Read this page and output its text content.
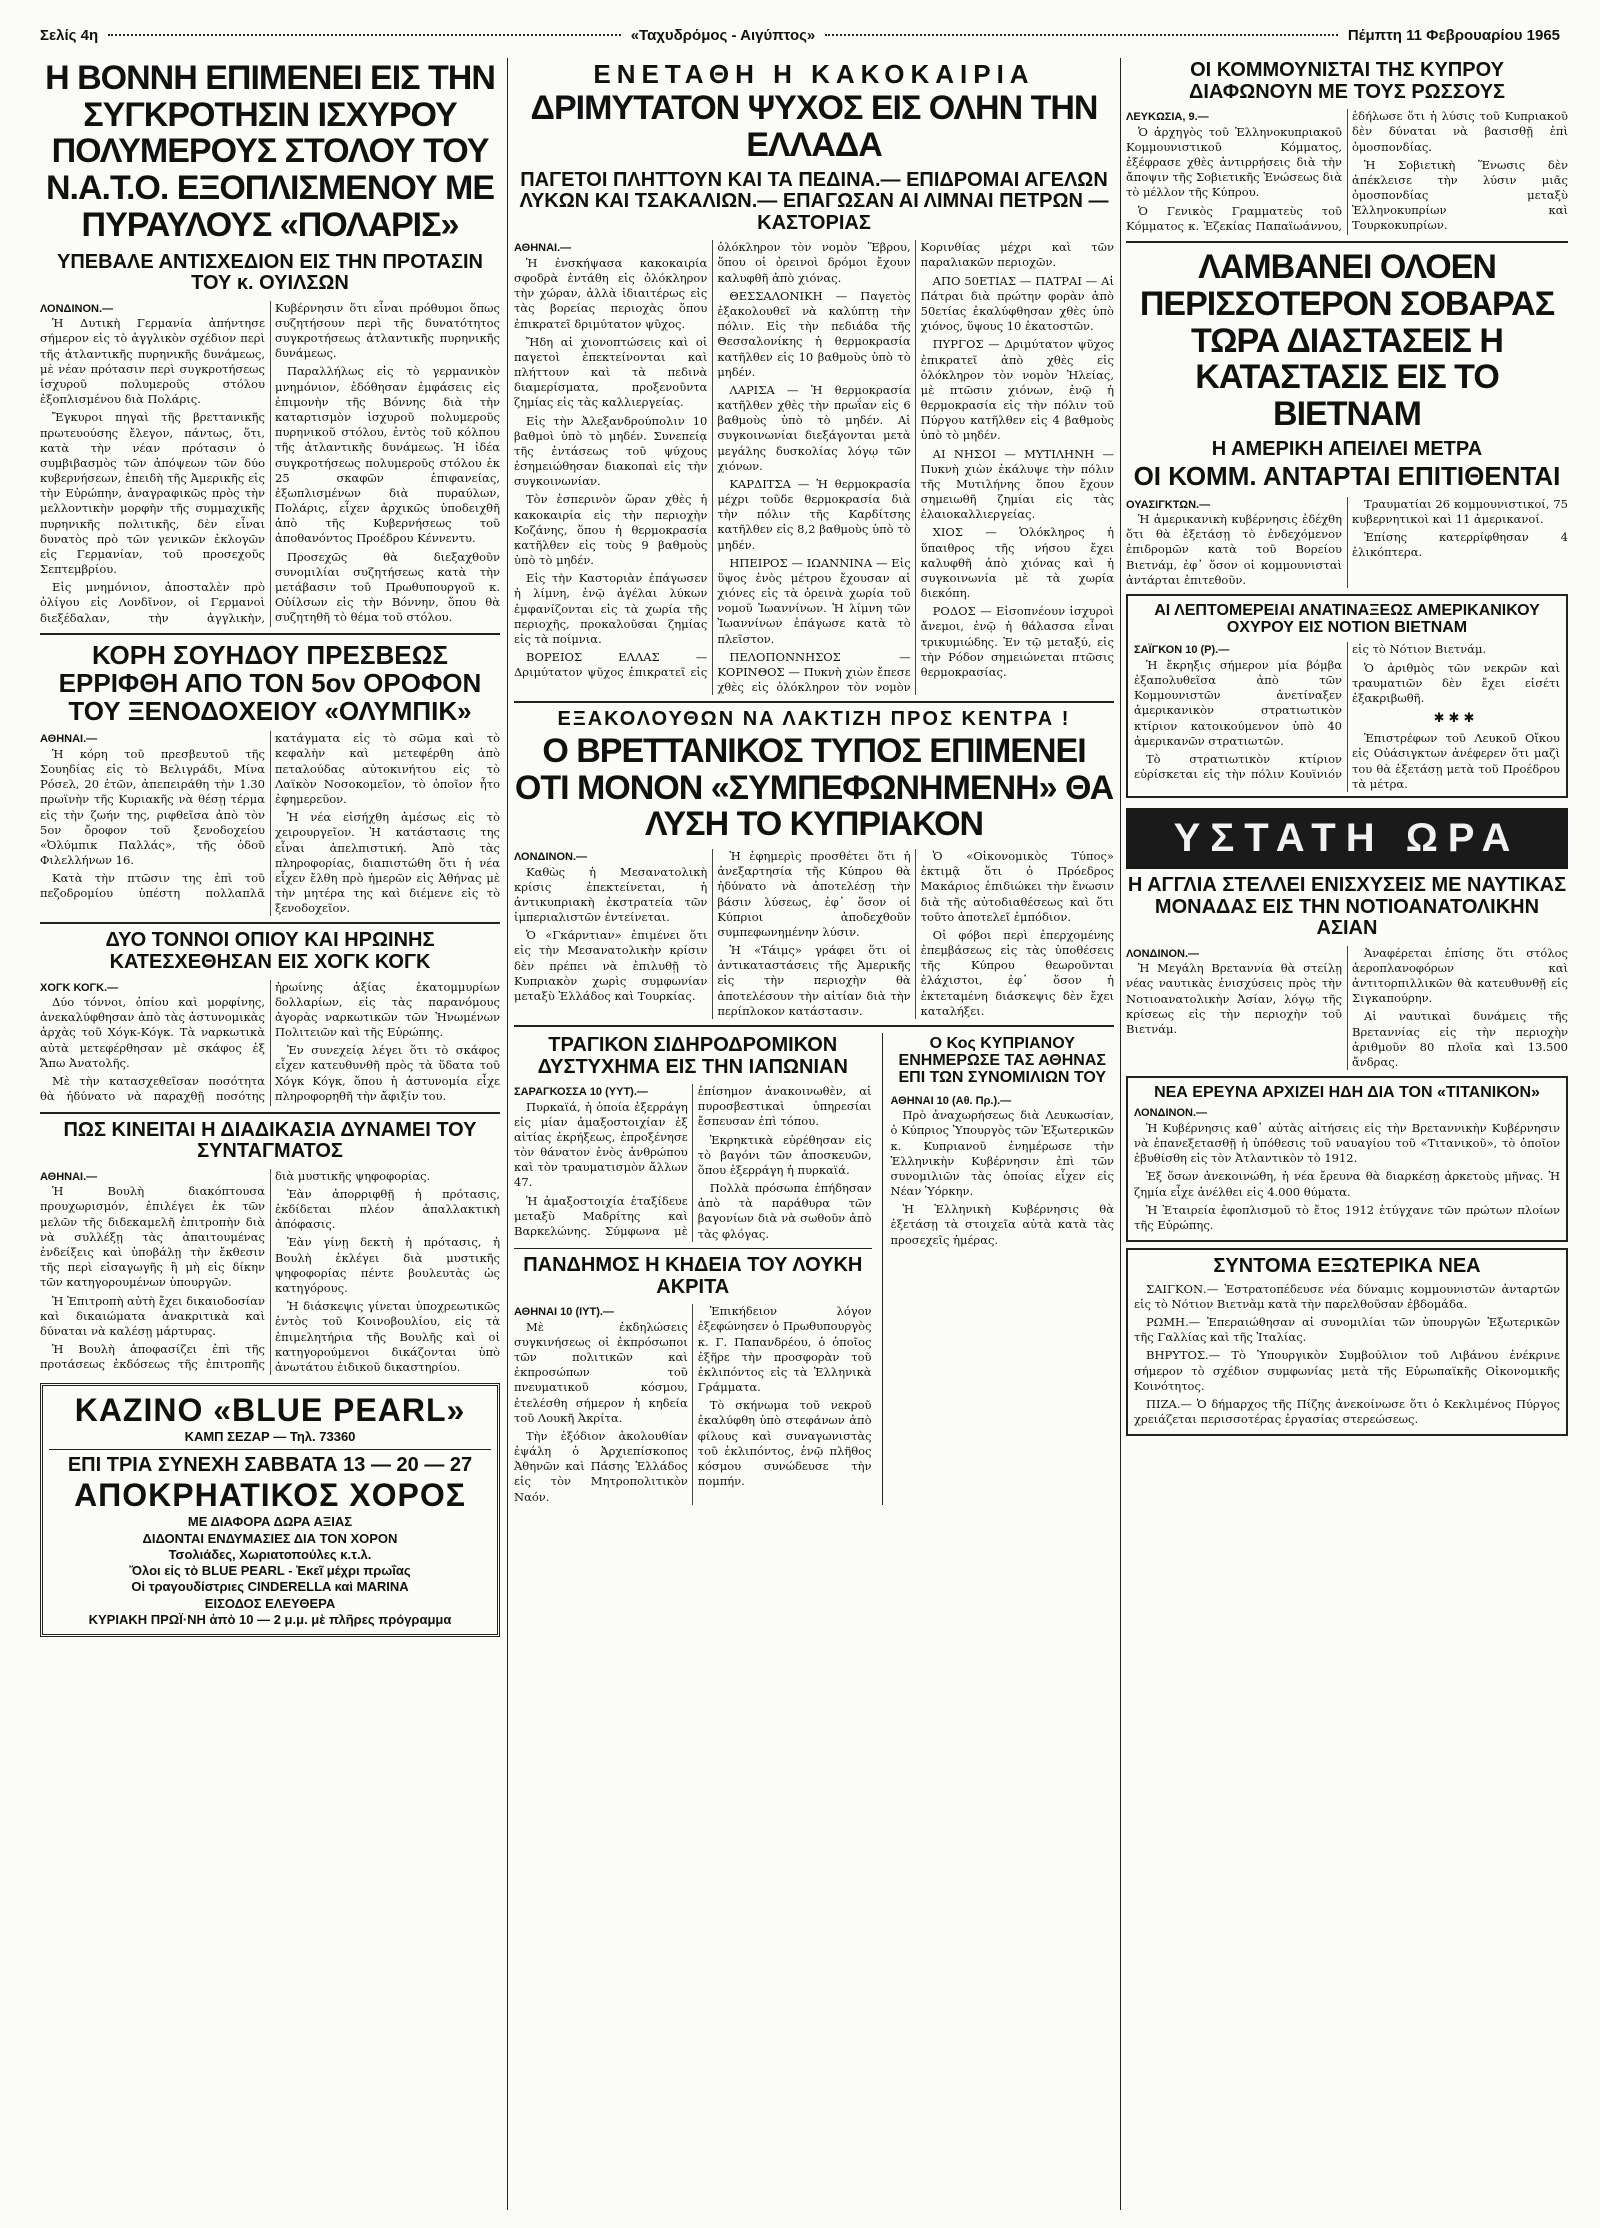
Σελίς 4η	«Ταχυδρόμος - Αιγύπτος»	Πέμπτη 11 Φεβρουαρίου 1965
Η ΒΟΝΝΗ ΕΠΙΜΕΝΕΙ ΕΙΣ ΤΗΝ ΣΥΓΚΡΟΤΗΣΙΝ ΙΣΧΥΡΟΥ ΠΟΛΥΜΕΡΟΥΣ ΣΤΟΛΟΥ ΤΟΥ Ν.Α.Τ.Ο. ΕΞΟΠΛΙΣΜΕΝΟΥ ΜΕ ΠΥΡΑΥΛΟΥΣ «ΠΟΛΑΡΙΣ»
ΥΠΕΒΑΛΕ ΑΝΤΙΣΧΕΔΙΟΝ ΕΙΣ ΤΗΝ ΠΡΟΤΑΣΙΝ ΤΟΥ κ. ΟΥΙΛΣΩΝ
ΛΟΝΔΙΝΟΝ.—

Ἡ Δυτικὴ Γερμανία ἀπήντησε σήμερον εἰς τὸ ἀγγλικὸν σχέδιον περὶ τῆς ἀτλαντικῆς πυρηνικῆς δυνάμεως, μὲ νέαν πρότασιν περὶ συγκροτήσεως ἰσχυροῦ πολυμεροῦς στόλου ἐξοπλισμένου διὰ Πολάρις.

Ἔγκυροι πηγαὶ τῆς βρεττανικῆς πρωτευούσης ἔλεγον, πάντως, ὅτι, κατὰ τὴν νέαν πρότασιν ὁ συμβιβασμὸς τῶν ἀπόψεων τῶν δύο κυβερνήσεων, ἐπειδὴ τῆς Ἀμερικῆς εἰς τὴν Εὐρώπην, ἀναγραφικῶς πρὸς τὴν μελλοντικὴν μορφὴν τῆς συμμαχικῆς πυρηνικῆς πολιτικῆς, δὲν εἶναι δυνατὸς πρὸ τῶν γενικῶν ἐκλογῶν εἰς Γερμανίαν, τοῦ προσεχοῦς Σεπτεμβρίου.

Εἰς μνημόνιον, ἀποσταλὲν πρὸ ὀλίγου εἰς Λονδῖνον, οἱ Γερμανοὶ διεξέδαλαν, τὴν ἀγγλικὴν, Κυβέρνησιν ὅτι εἶναι πρόθυμοι ὅπως συζητήσουν περὶ τῆς δυνατότητος συγκροτήσεως ἀτλαντικῆς πυρηνικῆς δυνάμεως.

Παραλλήλως εἰς τὸ γερμανικὸν μνημόνιον, ἐδόθησαν ἐμφάσεις εἰς ἐπιμονὴν τῆς Βόννης διὰ τὴν καταρτισμὸν ἰσχυροῦ πολυμεροῦς πυρηνικοῦ στόλου, ἐντὸς τοῦ κόλπου τῆς ἀτλαντικῆς δυνάμεως. Ἡ ἰδέα συγκροτήσεως πολυμεροῦς στόλου ἐκ 25 σκαφῶν ἐπιφανείας, ἐξωπλισμένων διὰ πυραύλων, Πολάρις, εἶχεν ἀρχικῶς ὑποδειχθῆ ἀπὸ τῆς Κυβερνήσεως τοῦ ἀποθανόντος Προέδρου Κέννεντυ.

Προσεχῶς θὰ διεξαχθοῦν συνομιλίαι συζητήσεως κατὰ τὴν μετάβασιν τοῦ Πρωθυπουργοῦ κ. Οὐίλσων εἰς τὴν Βόννην, ὅπου θὰ συζητηθῆ τὸ θέμα τοῦ στόλου.

ΚΟΡΗ ΣΟΥΗΔΟΥ ΠΡΕΣΒΕΩΣ ΕΡΡΙΦΘΗ ΑΠΟ ΤΟΝ 5ον ΟΡΟΦΟΝ ΤΟΥ ΞΕΝΟΔΟΧΕΙΟΥ «ΟΛΥΜΠΙΚ»
ΑΘΗΝΑΙ.—

Ἡ κόρη τοῦ πρεσβευτοῦ τῆς Σουηδίας εἰς τὸ Βελιγράδι, Μίνα Ρόσελ, 20 ἐτῶν, ἀπεπειράθη τὴν 1.30 πρωϊνὴν τῆς Κυριακῆς νὰ θέσῃ τέρμα εἰς τὴν ζωήν της, ριφθεῖσα ἀπὸ τὸν 5ον ὄροφον τοῦ ξενοδοχείου «Ὀλύμπικ Παλλάς», τῆς ὁδοῦ Φιλελλήνων 16.

Κατὰ τὴν πτῶσιν της ἐπὶ τοῦ πεζοδρομίου ὑπέστη πολλαπλᾶ κατάγματα εἰς τὸ σῶμα καὶ τὸ κεφαλὴν καὶ μετεφέρθη ἀπὸ πεταλούδας αὐτοκινήτου εἰς τὸ Λαϊκὸν Νοσοκομεῖον, τὸ ὁποῖον ἦτο ἐφημερεῦον.

Ἡ νέα εἰσήχθη ἀμέσως εἰς τὸ χειρουργεῖον. Ἡ κατάστασις της εἶναι ἀπελπιστική. Ἀπὸ τὰς πληροφορίας, διαπιστώθη ὅτι ἡ νέα εἶχεν ἔλθη πρὸ ἡμερῶν εἰς Ἀθήνας μὲ τὴν μητέρα της καὶ διέμενε εἰς τὸ ξενοδοχεῖον.

ΔΥΟ ΤΟΝΝΟΙ ΟΠΙΟΥ ΚΑΙ ΗΡΩΙΝΗΣ ΚΑΤΕΣΧΕΘΗΣΑΝ ΕΙΣ ΧΟΓΚ ΚΟΓΚ
ΧΟΓΚ ΚΟΓΚ.—

Δύο τόννοι, ὀπίου καὶ μορφίνης, ἀνεκαλύφθησαν ἀπὸ τὰς ἀστυνομικὰς ἀρχὰς τοῦ Χόγκ-Κόγκ. Τὰ ναρκωτικὰ αὐτὰ μετεφέρθησαν μὲ σκάφος ἐξ Ἄπω Ἀνατολῆς.

Μὲ τὴν κατασχεθεῖσαν ποσότητα θὰ ἠδύνατο νὰ παραχθῇ ποσότης ἡρωίνης ἀξίας ἑκατομμυρίων δολλαρίων, εἰς τὰς παρανόμους ἀγορὰς ναρκωτικῶν τῶν Ἡνωμένων Πολιτειῶν καὶ τῆς Εὐρώπης.

Ἐν συνεχείᾳ λέγει ὅτι τὸ σκάφος εἶχεν κατευθυνθῆ πρὸς τὰ ὕδατα τοῦ Χόγκ Κόγκ, ὅπου ἡ ἀστυνομία εἶχε πληροφορηθῆ τὴν ἄφιξίν του.

ΠΩΣ ΚΙΝΕΙΤΑΙ Η ΔΙΑΔΙΚΑΣΙΑ ΔΥΝΑΜΕΙ ΤΟΥ ΣΥΝΤΑΓΜΑΤΟΣ
ΑΘΗΝΑΙ.—

Ἡ Βουλὴ διακόπτουσα προυχωρισμόν, ἐπιλέγει ἐκ τῶν μελῶν τῆς διδεκαμελῆ ἐπιτροπὴν διὰ νὰ συλλέξῃ τὰς ἀπαιτουμένας ἐνδείξεις καὶ ὑποβάλῃ τὴν ἔκθεσιν τῆς περὶ εἰσαγωγῆς ἢ μὴ εἰς δίκην τῶν κατηγορουμένων ὑπουργῶν.

Ἡ Ἐπιτροπὴ αὐτὴ ἔχει δικαιοδοσίαν καὶ δικαιώματα ἀνακριτικὰ καὶ δύναται νὰ καλέσῃ μάρτυρας.

Ἡ Βουλὴ ἀποφασίζει ἐπὶ τῆς προτάσεως ἐκδόσεως τῆς ἐπιτροπῆς διὰ μυστικῆς ψηφοφορίας.

Ἐὰν ἀπορριφθῇ ἡ πρότασις, ἐκδίδεται πλέον ἀπαλλακτικὴ ἀπόφασις.

Ἐὰν γίνῃ δεκτὴ ἡ πρότασις, ἡ Βουλὴ ἐκλέγει διὰ μυστικῆς ψηφοφορίας πέντε βουλευτὰς ὡς κατηγόρους.

Ἡ διάσκεψις γίνεται ὑποχρεωτικῶς ἐντὸς τοῦ Κοινοβουλίου, εἰς τὰ ἐπιμελητήρια τῆς Βουλῆς καὶ οἱ κατηγορούμενοι δικάζονται ὑπὸ ἀνωτάτου ἑιδικοῦ δικαστηρίου.

ΚΑΖΙΝΟ «BLUE PEARL»
ΚΑΜΠ ΣΕΖΑΡ — Τηλ. 73360
ΕΠΙ ΤΡΙΑ ΣΥΝΕΧΗ ΣΑΒΒΑΤΑ 13 — 20 — 27
ΑΠΟΚΡΗΑΤΙΚΟΣ ΧΟΡΟΣ
ΜΕ ΔΙΑΦΟΡΑ ΔΩΡΑ ΑΞΙΑΣ
ΔΙΔΟΝΤΑΙ ΕΝΔΥΜΑΣΙΕΣ ΔΙΑ ΤΟΝ ΧΟΡΟΝ
Τσολιάδες, Χωριατοπούλες κ.τ.λ.
Ὅλοι εἰς τὸ BLUE PEARL - Ἐκεῖ μέχρι πρωΐας
Οἱ τραγουδίστριες CINDERELLA καὶ MARINA
ΕΙΣΟΔΟΣ ΕΛΕΥΘΕΡΑ
ΚΥΡΙΑΚΗ ΠΡΩΪ·ΝΗ ἀπὸ 10 — 2 μ.μ. μὲ πλῆρες πρόγραμμα
ΕΝΕΤΑΘΗ Η ΚΑΚΟΚΑΙΡΙΑ
ΔΡΙΜΥΤΑΤΟΝ ΨΥΧΟΣ ΕΙΣ ΟΛΗΝ ΤΗΝ ΕΛΛΑΔΑ
ΠΑΓΕΤΟΙ ΠΛΗΤΤΟΥΝ ΚΑΙ ΤΑ ΠΕΔΙΝΑ.— ΕΠΙΔΡΟΜΑΙ ΑΓΕΛΩΝ ΛΥΚΩΝ ΚΑΙ ΤΣΑΚΑΛΙΩΝ.— ΕΠΑΓΩΣΑΝ ΑΙ ΛΙΜΝΑΙ ΠΕΤΡΩΝ — ΚΑΣΤΟΡΙΑΣ
ΑΘΗΝΑΙ.—

Ἡ ἐνσκήψασα κακοκαιρία σφοδρὰ ἐντάθη εἰς ὁλόκληρον τὴν χώραν, ἀλλὰ ἰδιαιτέρως εἰς τὰς βορείας περιοχὰς ὅπου ἐπικρατεῖ δριμύτατον ψῦχος.

Ἤδη αἱ χιονοπτώσεις καὶ οἱ παγετοὶ ἐπεκτείνονται καὶ πλήττουν καὶ τὰ πεδινὰ διαμερίσματα, προξενοῦντα ζημίας εἰς τὰς καλλιεργείας.

Εἰς τὴν Ἀλεξανδρούπολιν 10 βαθμοὶ ὑπὸ τὸ μηδέν. Συνεπείᾳ τῆς ἐντάσεως τοῦ ψύχους ἐσημειώθησαν διακοπαὶ εἰς τὴν συγκοινωνίαν.

Τὸν ἑσπερινὸν ὥραν χθὲς ἡ κακοκαιρία εἰς τὴν περιοχὴν Κοζάνης, ὅπου ἡ θερμοκρασία κατῆλθεν εἰς τοὺς 9 βαθμοὺς ὑπὸ τὸ μηδέν.

Εἰς τὴν Καστοριὰν ἐπάγωσεν ἡ λίμνη, ἐνῷ ἀγέλαι λύκων ἐμφανίζονται εἰς τὰ χωρία τῆς περιοχῆς, προκαλοῦσαι ζημίας εἰς τὰ ποίμνια.

ΒΟΡΕΙΟΣ ΕΛΛΑΣ — Δριμύτατον ψῦχος ἐπικρατεῖ εἰς ὁλόκληρον τὸν νομὸν Ἕβρου, ὅπου οἱ ὀρεινοὶ δρόμοι ἔχουν καλυφθῆ ἀπὸ χιόνας.

ΘΕΣΣΑΛΟΝΙΚΗ — Παγετὸς ἐξακολουθεῖ νὰ καλύπτῃ τὴν πόλιν. Εἰς τὴν πεδιάδα τῆς Θεσσαλονίκης ἡ θερμοκρασία κατῆλθεν εἰς 10 βαθμοὺς ὑπὸ τὸ μηδέν.

ΛΑΡΙΣΑ — Ἡ θερμοκρασία κατῆλθεν χθὲς τὴν πρωΐαν εἰς 6 βαθμοὺς ὑπὸ τὸ μηδέν. Αἱ συγκοινωνίαι διεξάγονται μετὰ μεγάλης δυσκολίας λόγῳ τῶν χιόνων.

ΚΑΡΔΙΤΣΑ — Ἡ θερμοκρασία μέχρι τοῦδε θερμοκρασία διὰ τὴν πόλιν τῆς Καρδίτσης κατῆλθεν εἰς 8,2 βαθμοὺς ὑπὸ τὸ μηδέν.

ΗΠΕΙΡΟΣ — ΙΩΑΝΝΙΝΑ — Εἰς ὕψος ἑνὸς μέτρου ἔχουσαν αἱ χιόνες εἰς τὰ ὀρεινὰ χωρία τοῦ νομοῦ Ἰωαννίνων. Ἡ λίμνη τῶν Ἰωαννίνων ἐπάγωσε κατὰ τὸ πλεῖστον.

ΠΕΛΟΠΟΝΝΗΣΟΣ — ΚΟΡΙΝΘΟΣ — Πυκνὴ χιὼν ἔπεσε χθὲς εἰς ὁλόκληρον τὸν νομὸν Κορινθίας μέχρι καὶ τῶν παραλιακῶν περιοχῶν.

ΑΠΟ 50ΕΤΙΑΣ — ΠΑΤΡΑΙ — Αἱ Πάτραι διὰ πρώτην φορὰν ἀπὸ 50ετίας ἐκαλύφθησαν χθὲς ὑπὸ χιόνος, ὕψους 10 ἑκατοστῶν.

ΠΥΡΓΟΣ — Δριμύτατον ψῦχος ἐπικρατεῖ ἀπὸ χθὲς εἰς ὁλόκληρον τὸν νομὸν Ἠλείας, μὲ πτῶσιν χιόνων, ἐνῷ ἡ θερμοκρασία εἰς τὴν πόλιν τοῦ Πύργου κατῆλθεν εἰς 4 βαθμοὺς ὑπὸ τὸ μηδέν.

ΑΙ ΝΗΣΟΙ — ΜΥΤΙΛΗΝΗ — Πυκνὴ χιὼν ἐκάλυψε τὴν πόλιν τῆς Μυτιλήνης ὅπου ἔχουν σημειωθῆ ζημίαι εἰς τὰς ἐλαιοκαλλιεργείας.

ΧΙΟΣ — Ὁλόκληρος ἡ ὕπαιθρος τῆς νήσου ἔχει καλυφθῆ ἀπὸ χιόνας καὶ ἡ συγκοινωνία μὲ τὰ χωρία διεκόπη.

ΡΟΔΟΣ — Εἰσοπνέουν ἰσχυροὶ ἄνεμοι, ἐνῷ ἡ θάλασσα εἶναι τρικυμιώδης. Ἐν τῷ μεταξύ, εἰς τὴν Ρόδον σημειώνεται πτῶσις θερμοκρασίας.

ΕΞΑΚΟΛΟΥΘΩΝ ΝΑ ΛΑΚΤΙΖΗ ΠΡΟΣ ΚΕΝΤΡΑ !
Ο ΒΡΕΤΤΑΝΙΚΟΣ ΤΥΠΟΣ ΕΠΙΜΕΝΕΙ ΟΤΙ ΜΟΝΟΝ «ΣΥΜΠΕΦΩΝΗΜΕΝΗ» ΘΑ ΛΥΣΗ ΤΟ ΚΥΠΡΙΑΚΟΝ
ΛΟΝΔΙΝΟΝ.—

Καθὼς ἡ Μεσανατολικὴ κρίσις ἐπεκτείνεται, ἡ ἀντικυπριακὴ ἐκστρατεία τῶν ἰμπεριαλιστῶν ἐντείνεται.

Ὁ «Γκάρντιαν» ἐπιμένει ὅτι εἰς τὴν Μεσανατολικὴν κρίσιν δὲν πρέπει νὰ ἐπιλυθῇ τὸ Κυπριακὸν χωρὶς συμφωνίαν μεταξὺ Ἑλλάδος καὶ Τουρκίας.

Ἡ ἐφημερὶς προσθέτει ὅτι ἡ ἀνεξαρτησία τῆς Κύπρου θὰ ἠδύνατο νὰ ἀποτελέσῃ τὴν βάσιν λύσεως, ἐφ᾽ ὅσον οἱ Κύπριοι ἀποδεχθοῦν συμπεφωνημένην λύσιν.

Ἡ «Τάιμς» γράφει ὅτι οἱ ἀντικαταστάσεις τῆς Ἀμερικῆς εἰς τὴν περιοχὴν θὰ ἀποτελέσουν τὴν αἰτίαν διὰ τὴν περίπλοκον κατάστασιν.

Ὁ «Οἰκονομικὸς Τύπος» ἐκτιμᾷ ὅτι ὁ Πρόεδρος Μακάριος ἐπιδιώκει τὴν ἕνωσιν διὰ τῆς αὐτοδιαθέσεως καὶ ὅτι τοῦτο ἀποτελεῖ ἐμπόδιον.

Οἱ φόβοι περὶ ἐπερχομένης ἐπεμβάσεως εἰς τὰς ὑποθέσεις τῆς Κύπρου θεωροῦνται ἐλάχιστοι, ἐφ᾽ ὅσον ἡ ἐκτεταμένη διάσκεψις δὲν ἔχει καταλήξει.

ΤΡΑΓΙΚΟΝ ΣΙΔΗΡΟΔΡΟΜΙΚΟΝ ΔΥΣΤΥΧΗΜΑ ΕΙΣ ΤΗΝ ΙΑΠΩΝΙΑΝ
ΣΑΡΑΓΚΟΣΣΑ 10 (ΥΥΤ).—

Πυρκαϊά, ἡ ὁποία ἐξερράγη εἰς μίαν ἀμαξοστοιχίαν ἐξ αἰτίας ἐκρήξεως, ἐπροξένησε τὸν θάνατον ἑνὸς ἀνθρώπου καὶ τὸν τραυματισμὸν ἄλλων 47.

Ἡ ἀμαξοστοιχία ἐταξίδευε μεταξὺ Μαδρίτης καὶ Βαρκελώνης. Σύμφωνα μὲ ἐπίσημον ἀνακοινωθὲν, αἱ πυροσβεστικαὶ ὑπηρεσίαι ἔσπευσαν ἐπὶ τόπου.

Ἐκρηκτικὰ εὑρέθησαν εἰς τὸ βαγόνι τῶν ἀποσκευῶν, ὅπου ἐξερράγη ἡ πυρκαϊά.

Πολλὰ πρόσωπα ἐπήδησαν ἀπὸ τὰ παράθυρα τῶν βαγονίων διὰ νὰ σωθοῦν ἀπὸ τὰς φλόγας.

ΠΑΝΔΗΜΟΣ Η ΚΗΔΕΙΑ ΤΟΥ ΛΟΥΚΗ ΑΚΡΙΤΑ
ΑΘΗΝΑΙ 10 (ΙΥΤ).—

Μὲ ἐκδηλώσεις συγκινήσεως οἱ ἐκπρόσωποι τῶν πολιτικῶν καὶ ἐκπροσώπων τοῦ πνευματικοῦ κόσμου, ἐτελέσθη σήμερον ἡ κηδεία τοῦ Λουκῆ Ἀκρίτα.

Τὴν ἐξόδιον ἀκολουθίαν ἐψάλη ὁ Ἀρχιεπίσκοπος Ἀθηνῶν καὶ Πάσης Ἑλλάδος εἰς τὸν Μητροπολιτικὸν Ναόν.

Ἐπικήδειον λόγον ἐξεφώνησεν ὁ Πρωθυπουργὸς κ. Γ. Παπανδρέου, ὁ ὁποῖος ἐξῆρε τὴν προσφορὰν τοῦ ἐκλιπόντος εἰς τὰ Ἑλληνικὰ Γράμματα.

Τὸ σκήνωμα τοῦ νεκροῦ ἐκαλύφθη ὑπὸ στεφάνων ἀπὸ φίλους καὶ συναγωνιστὰς τοῦ ἐκλιπόντος, ἐνῷ πλῆθος κόσμου συνώδευσε τὴν πομπήν.

Ο Κος ΚΥΠΡΙΑΝΟΥ ΕΝΗΜΕΡΩΣΕ ΤΑΣ ΑΘΗΝΑΣ ΕΠΙ ΤΩΝ ΣΥΝΟΜΙΛΙΩΝ ΤΟΥ
ΑΘΗΝΑΙ 10 (Αθ. Πρ.).—

Πρὸ ἀναχωρήσεως διὰ Λευκωσίαν, ὁ Κύπριος Ὑπουργὸς τῶν Ἐξωτερικῶν κ. Κυπριανοῦ ἐνημέρωσε τὴν Ἑλληνικὴν Κυβέρνησιν ἐπὶ τῶν συνομιλιῶν τὰς ὁποίας εἶχεν εἰς Νέαν Ὑόρκην.

Ἡ Ἑλληνικὴ Κυβέρνησις θὰ ἐξετάσῃ τὰ στοιχεῖα αὐτὰ κατὰ τὰς προσεχεῖς ἡμέρας.

ΟΙ ΚΟΜΜΟΥΝΙΣΤΑΙ ΤΗΣ ΚΥΠΡΟΥ ΔΙΑΦΩΝΟΥΝ ΜΕ ΤΟΥΣ ΡΩΣΣΟΥΣ
ΛΕΥΚΩΣΙΑ, 9.—

Ὁ ἀρχηγὸς τοῦ Ἑλληνοκυπριακοῦ Κομμουνιστικοῦ Κόμματος, ἐξέφρασε χθὲς ἀντιρρήσεις διὰ τὴν ἄποψιν τῆς Σοβιετικῆς Ἑνώσεως διὰ τὸ μέλλον τῆς Κύπρου.

Ὁ Γενικὸς Γραμματεὺς τοῦ Κόμματος κ. Ἐζεκίας Παπαϊωάννου, ἐδήλωσε ὅτι ἡ λύσις τοῦ Κυπριακοῦ δὲν δύναται νὰ βασισθῇ ἐπὶ ὁμοσπονδίας.

Ἡ Σοβιετικὴ Ἕνωσις δὲν ἀπέκλεισε τὴν λύσιν μιᾶς ὁμοσπονδίας μεταξὺ Ἑλληνοκυπρίων καὶ Τουρκοκυπρίων.

ΛΑΜΒΑΝΕΙ ΟΛΟΕΝ ΠΕΡΙΣΣΟΤΕΡΟΝ ΣΟΒΑΡΑΣ ΤΩΡΑ ΔΙΑΣΤΑΣΕΙΣ Η ΚΑΤΑΣΤΑΣΙΣ ΕΙΣ ΤΟ ΒΙΕΤΝΑΜ
Η ΑΜΕΡΙΚΗ ΑΠΕΙΛΕΙ ΜΕΤΡΑ
ΟΙ ΚΟΜΜ. ΑΝΤΑΡΤΑΙ ΕΠΙΤΙΘΕΝΤΑΙ
ΟΥΑΣΙΓΚΤΩΝ.—

Ἡ ἀμερικανικὴ κυβέρνησις ἐδέχθη ὅτι θὰ ἐξετάσῃ τὸ ἐνδεχόμενον ἐπιδρομῶν κατὰ τοῦ Βορείου Βιετνάμ, ἐφ᾽ ὅσον οἱ κομμουνισταὶ ἀντάρται ἐπιτεθοῦν.

Τραυματίαι 26 κομμουνιστικοί, 75 κυβερνητικοὶ καὶ 11 ἀμερικανοί.

Ἐπίσης κατερρίφθησαν 4 ἑλικόπτερα.

ΑΙ ΛΕΠΤΟΜΕΡΕΙΑΙ ΑΝΑΤΙΝΑΞΕΩΣ ΑΜΕΡΙΚΑΝΙΚΟΥ ΟΧΥΡΟΥ ΕΙΣ ΝΟΤΙΟΝ ΒΙΕΤΝΑΜ
ΣΑΪΓΚΟΝ 10 (Ρ).—

Ἡ ἔκρηξις σήμερον μία βόμβα ἐξαπολυθεῖσα ἀπὸ τῶν Κομμουνιστῶν ἀνετίναξεν ἀμερικανικὸν στρατιωτικὸν κτίριον κατοικούμενον ὑπὸ 40 ἀμερικανῶν στρατιωτῶν.

Τὸ στρατιωτικὸν κτίριον εὑρίσκεται εἰς τὴν πόλιν Κουϊνιόν εἰς τὸ Νότιον Βιετνάμ.

Ὁ ἀριθμὸς τῶν νεκρῶν καὶ τραυματιῶν δὲν ἔχει εἰσέτι ἐξακριβωθῆ.

✱✱✱

Ἐπιστρέφων τοῦ Λευκοῦ Οἴκου εἰς Οὐάσιγκτων ἀνέφερεν ὅτι μαζὶ του θὰ ἐξετάσῃ μετὰ τοῦ Προέδρου τὰ μέτρα.

ΥΣΤΑΤΗ ΩΡΑ
Η ΑΓΓΛΙΑ ΣΤΕΛΛΕΙ ΕΝΙΣΧΥΣΕΙΣ ΜΕ ΝΑΥΤΙΚΑΣ ΜΟΝΑΔΑΣ ΕΙΣ ΤΗΝ ΝΟΤΙΟΑΝΑΤΟΛΙΚΗΝ ΑΣΙΑΝ
ΛΟΝΔΙΝΟΝ.—

Ἡ Μεγάλη Βρεταννία θὰ στείλῃ νέας ναυτικὰς ἐνισχύσεις πρὸς τὴν Νοτιοανατολικὴν Ἀσίαν, λόγῳ τῆς κρίσεως εἰς τὴν περιοχὴν τοῦ Βιετνάμ.

Ἀναφέρεται ἐπίσης ὅτι στόλος ἀεροπλανοφόρων καὶ ἀντιτορπιλλικῶν θὰ κατευθυνθῇ εἰς Σιγκαπούρην.

Αἱ ναυτικαὶ δυνάμεις τῆς Βρεταννίας εἰς τὴν περιοχὴν ἀριθμοῦν 80 πλοῖα καὶ 13.500 ἄνδρας.

ΝΕΑ ΕΡΕΥΝΑ ΑΡΧΙΖΕΙ ΗΔΗ ΔΙΑ ΤΟΝ «ΤΙΤΑΝΙΚΟΝ»
ΛΟΝΔΙΝΟΝ.—

Ἡ Κυβέρνησις καθ᾽ αὐτὰς αἰτήσεις εἰς τὴν Βρεταννικὴν Κυβέρνησιν νὰ ἐπανεξετασθῇ ἡ ὑπόθεσις τοῦ ναυαγίου τοῦ «Τιτανικοῦ», τὸ ὁποῖον ἐβυθίσθη εἰς τὸν Ἀτλαντικὸν τὸ 1912.

Ἐξ ὅσων ἀνεκοινώθη, ἡ νέα ἔρευνα θὰ διαρκέσῃ ἀρκετοὺς μῆνας. Ἡ ζημία εἶχε ἀνέλθει εἰς 4.000 θύματα.

Ἡ Ἐταιρεία ἐφοπλισμοῦ τὸ ἔτος 1912 ἐτύγχανε τῶν πρώτων πλοίων τῆς Εὐρώπης.

ΣΥΝΤΟΜΑ ΕΞΩΤΕΡΙΚΑ ΝΕΑ

ΣΑΙΓΚΟΝ.— Ἐστρατοπέδευσε νέα δύναμις κομμουνιστῶν ἀνταρτῶν εἰς τὸ Νότιον Βιετνὰμ κατὰ τὴν παρελθοῦσαν ἑβδομάδα.

ΡΩΜΗ.— Ἐπεραιώθησαν αἱ συνομιλίαι τῶν ὑπουργῶν Ἐξωτερικῶν τῆς Γαλλίας καὶ τῆς Ἰταλίας.

ΒΗΡΥΤΟΣ.— Τὸ Ὑπουργικὸν Συμβούλιον τοῦ Λιβάνου ἐνέκρινε σήμερον τὸ σχέδιον συμφωνίας μετὰ τῆς Εὐρωπαϊκῆς Οἰκονομικῆς Κοινότητος.

ΠΙΖΑ.— Ὁ δήμαρχος τῆς Πίζης ἀνεκοίνωσε ὅτι ὁ Κεκλιμένος Πύργος χρειάζεται περισσοτέρας ἐργασίας στερεώσεως.
